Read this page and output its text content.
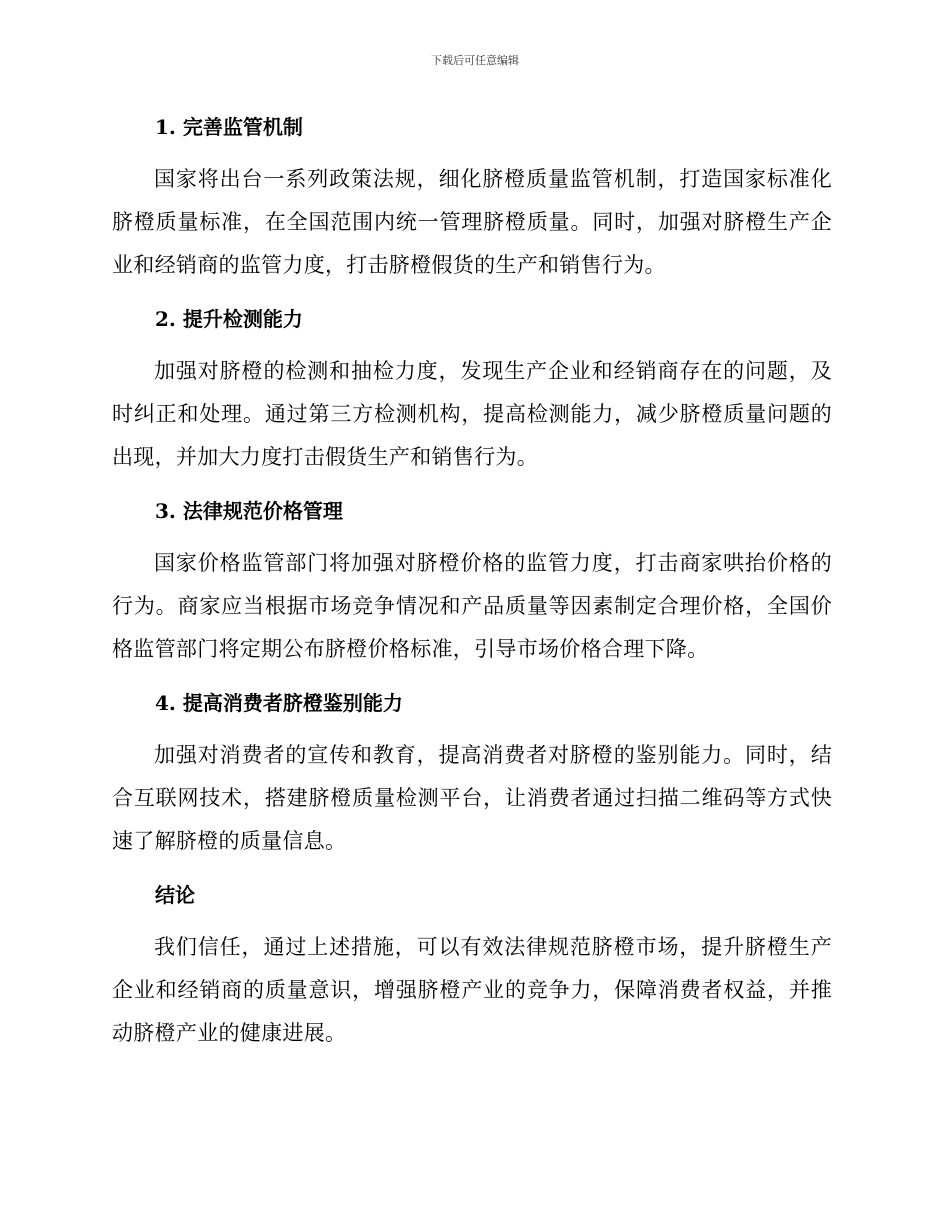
下载后可任意编辑
1. 完善监管机制

国家将出台一系列政策法规，细化脐橙质量监管机制，打造国家标准化脐橙质量标准，在全国范围内统一管理脐橙质量。同时，加强对脐橙生产企业和经销商的监管力度，打击脐橙假货的生产和销售行为。

2. 提升检测能力

加强对脐橙的检测和抽检力度，发现生产企业和经销商存在的问题，及时纠正和处理。通过第三方检测机构，提高检测能力，减少脐橙质量问题的出现，并加大力度打击假货生产和销售行为。

3. 法律规范价格管理

国家价格监管部门将加强对脐橙价格的监管力度，打击商家哄抬价格的行为。商家应当根据市场竞争情况和产品质量等因素制定合理价格，全国价格监管部门将定期公布脐橙价格标准，引导市场价格合理下降。

4. 提高消费者脐橙鉴别能力

加强对消费者的宣传和教育，提高消费者对脐橙的鉴别能力。同时，结合互联网技术，搭建脐橙质量检测平台，让消费者通过扫描二维码等方式快速了解脐橙的质量信息。

结论

我们信任，通过上述措施，可以有效法律规范脐橙市场，提升脐橙生产企业和经销商的质量意识，增强脐橙产业的竞争力，保障消费者权益，并推动脐橙产业的健康进展。
